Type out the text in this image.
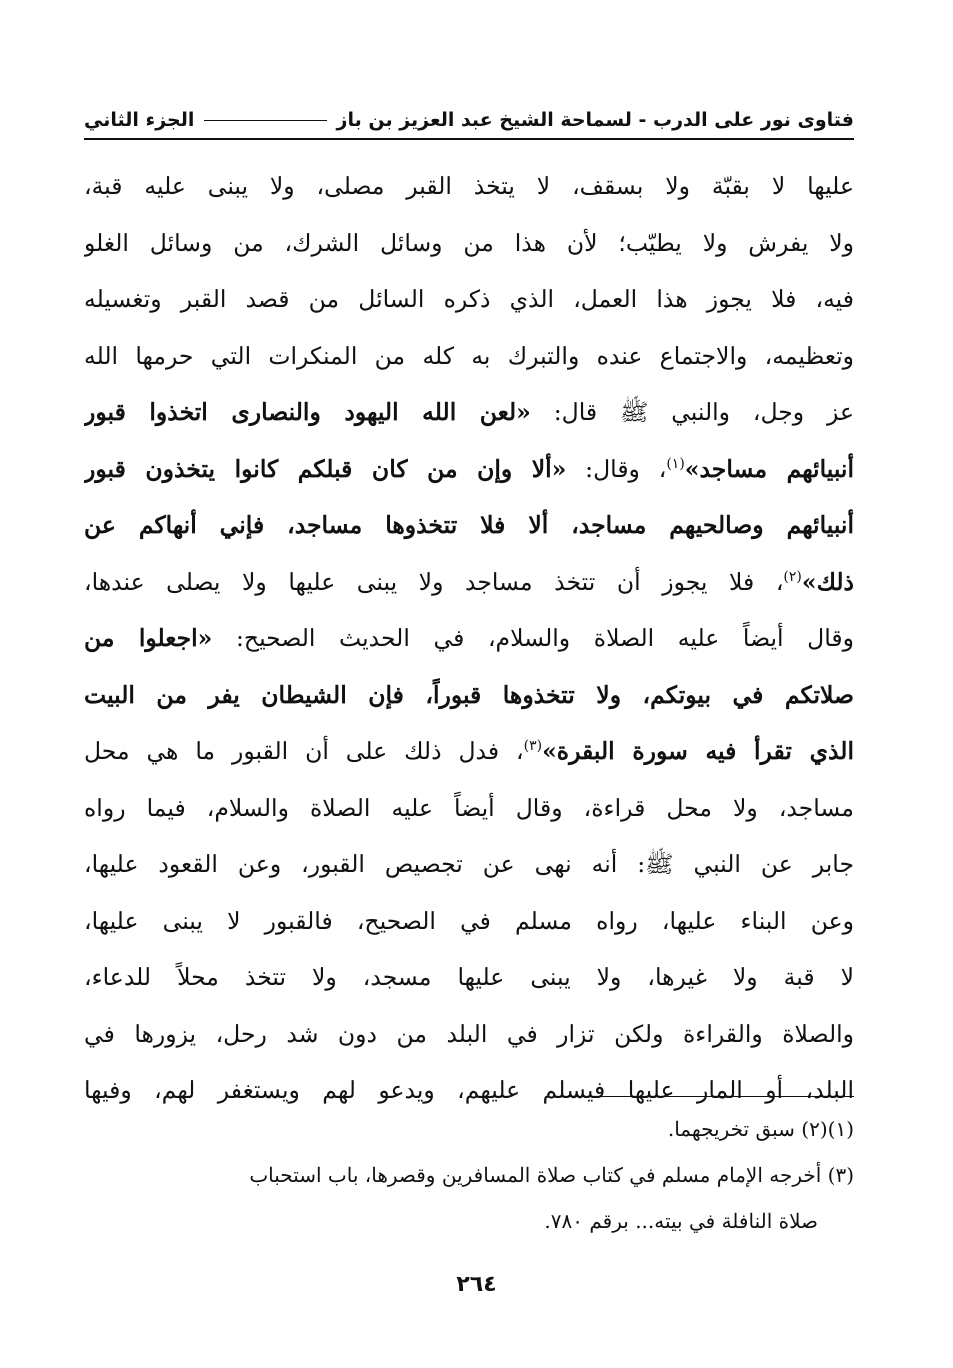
فتاوى نور على الدرب - لسماحة الشيخ عبد العزيز بن باز
الجزء الثاني
عليها لا بقبّة ولا بسقف، لا يتخذ القبر مصلى، ولا يبنى عليه قبة،
ولا يفرش ولا يطيّب؛ لأن هذا من وسائل الشرك، من وسائل الغلو
فيه، فلا يجوز هذا العمل، الذي ذكره السائل من قصد القبر وتغسيله
وتعظيمه، والاجتماع عنده والتبرك به كله من المنكرات التي حرمها الله
عز وجل، والنبي ﷺ قال: «لعن الله اليهود والنصارى اتخذوا قبور
أنبيائهم مساجد»$^{(١)}$، وقال: «ألا وإن من كان قبلكم كانوا يتخذون قبور
أنبيائهم وصالحيهم مساجد، ألا فلا تتخذوها مساجد، فإني أنهاكم عن
ذلك»$^{(٢)}$، فلا يجوز أن تتخذ مساجد ولا يبنى عليها ولا يصلى عندها،
وقال أيضاً عليه الصلاة والسلام، في الحديث الصحيح: «اجعلوا من
صلاتكم في بيوتكم، ولا تتخذوها قبوراً، فإن الشيطان يفر من البيت
الذي تقرأ فيه سورة البقرة»$^{(٣)}$، فدل ذلك على أن القبور ما هي محل
مساجد، ولا محل قراءة، وقال أيضاً عليه الصلاة والسلام، فيما رواه
جابر عن النبي ﷺ: أنه نهى عن تجصيص القبور، وعن القعود عليها،
وعن البناء عليها، رواه مسلم في الصحيح، فالقبور لا يبنى عليها،
لا قبة ولا غيرها، ولا يبنى عليها مسجد، ولا تتخذ محلاً للدعاء،
والصلاة والقراءة ولكن تزار في البلد من دون شد رحل، يزورها في
البلد، أو المار عليها فيسلم عليهم، ويدعو لهم ويستغفر لهم، وفيها
(١)(٢) سبق تخريجهما.
(٣) أخرجه الإمام مسلم في كتاب صلاة المسافرين وقصرها، باب استحباب
صلاة النافلة في بيته... برقم ٧٨٠.
٢٦٤
